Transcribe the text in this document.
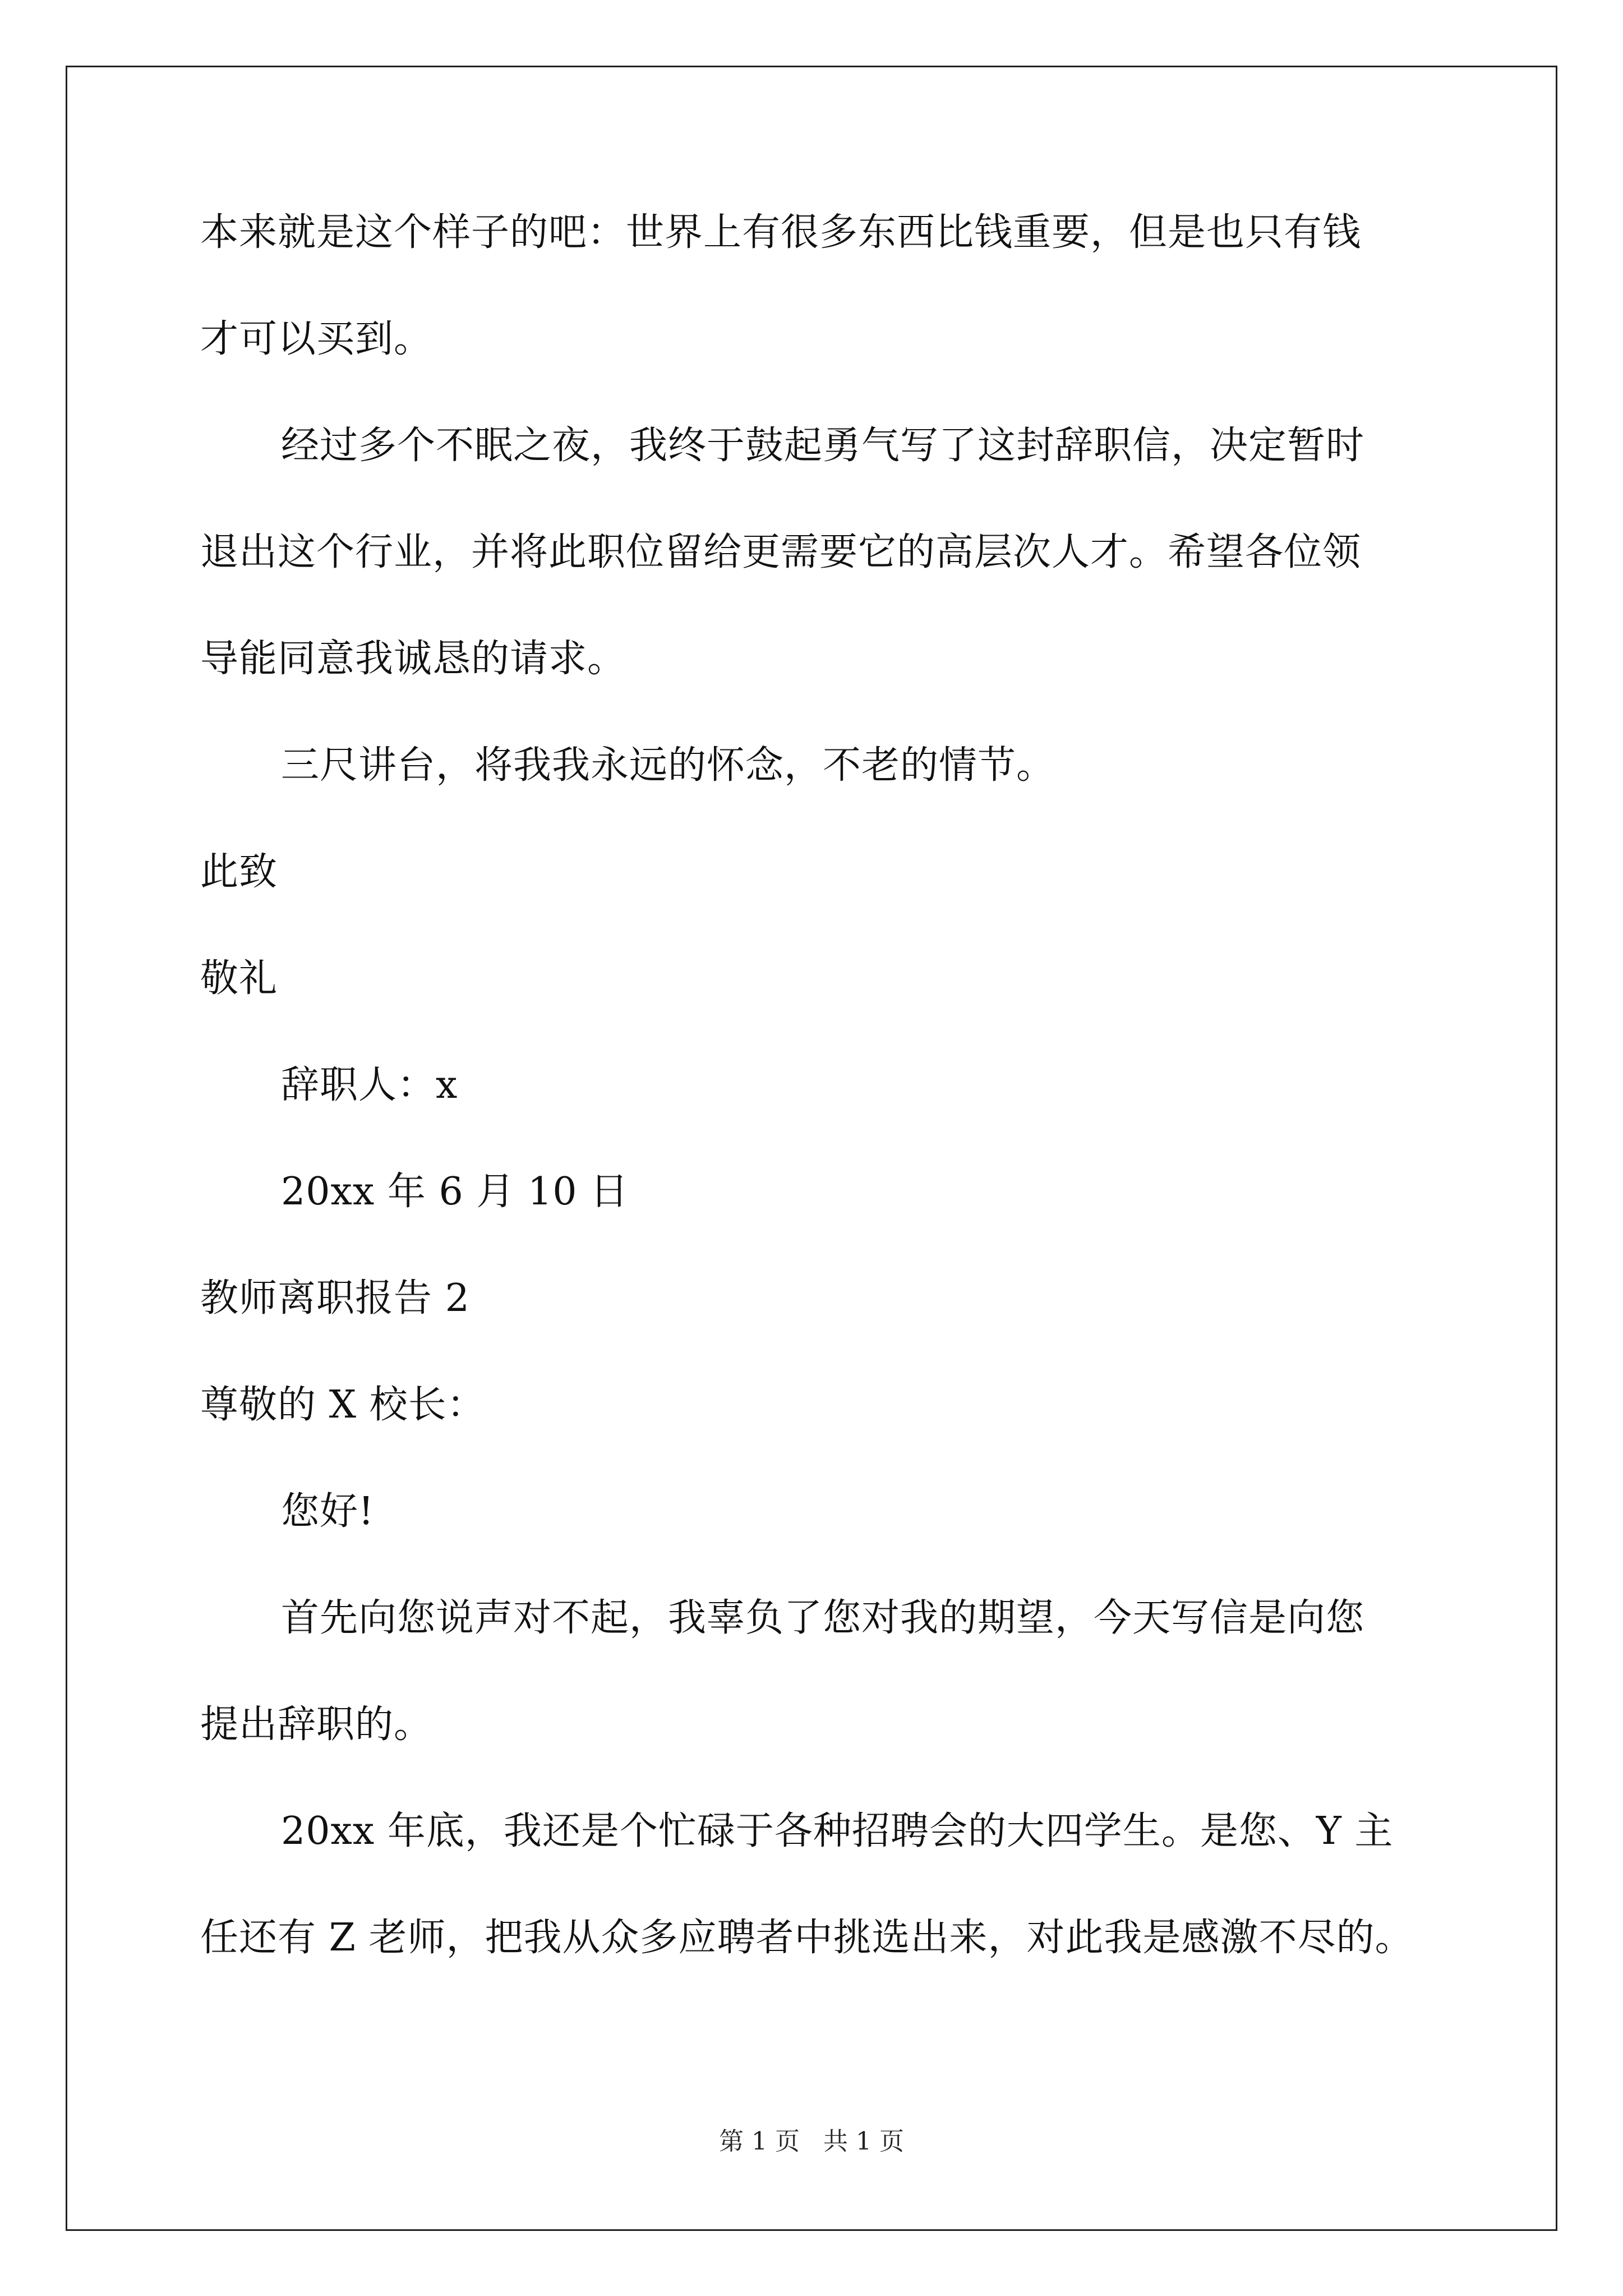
本来就是这个样子的吧：世界上有很多东西比钱重要，但是也只有钱
才可以买到。
经过多个不眠之夜，我终于鼓起勇气写了这封辞职信，决定暂时
退出这个行业，并将此职位留给更需要它的高层次人才。希望各位领
导能同意我诚恳的请求。
三尺讲台，将我我永远的怀念，不老的情节。
此致
敬礼
辞职人：x
20xx 年 6 月 10 日
教师离职报告 2
尊敬的 X 校长：
您好!
首先向您说声对不起，我辜负了您对我的期望，今天写信是向您
提出辞职的。
20xx 年底，我还是个忙碌于各种招聘会的大四学生。是您、Y 主
任还有 Z 老师，把我从众多应聘者中挑选出来，对此我是感激不尽的。
第 1 页   共 1 页
